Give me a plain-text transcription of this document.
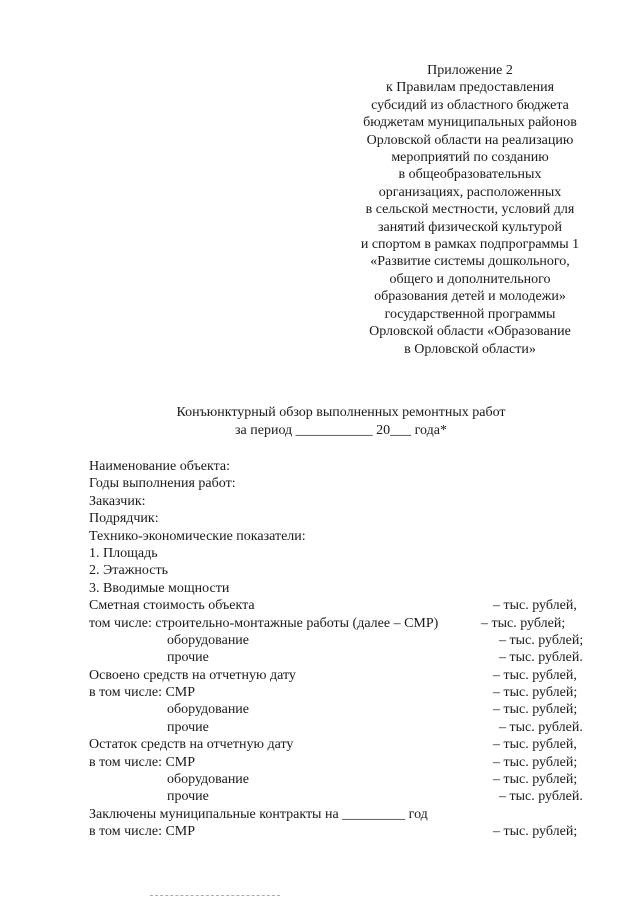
Приложение 2
к Правилам предоставления
субсидий из областного бюджета
бюджетам муниципальных районов
Орловской области на реализацию
мероприятий по созданию
в общеобразовательных
организациях, расположенных
в сельской местности, условий для
занятий физической культурой
и спортом в рамках подпрограммы 1
«Развитие системы дошкольного,
общего и дополнительного
образования детей и молодежи»
государственной программы
Орловской области «Образование
в Орловской области»
Конъюнктурный обзор выполненных ремонтных работ
за период ___________ 20___ года*
Наименование объекта:
Годы выполнения работ:
Заказчик:
Подрядчик:
Технико-экономические показатели:
1. Площадь
2. Этажность
3. Вводимые мощности
Сметная стоимость объекта	– тыс. рублей,
том числе: строительно-монтажные работы (далее – СМР)	– тыс. рублей;
оборудование	– тыс. рублей;
прочие	– тыс. рублей.
Освоено средств на отчетную дату	– тыс. рублей,
в том числе: СМР	– тыс. рублей;
оборудование	– тыс. рублей;
прочие	– тыс. рублей.
Остаток средств на отчетную дату	– тыс. рублей,
в том числе: СМР	– тыс. рублей;
оборудование	– тыс. рублей;
прочие	– тыс. рублей.
Заключены муниципальные контракты на _________ год
в том числе: СМР	– тыс. рублей;
